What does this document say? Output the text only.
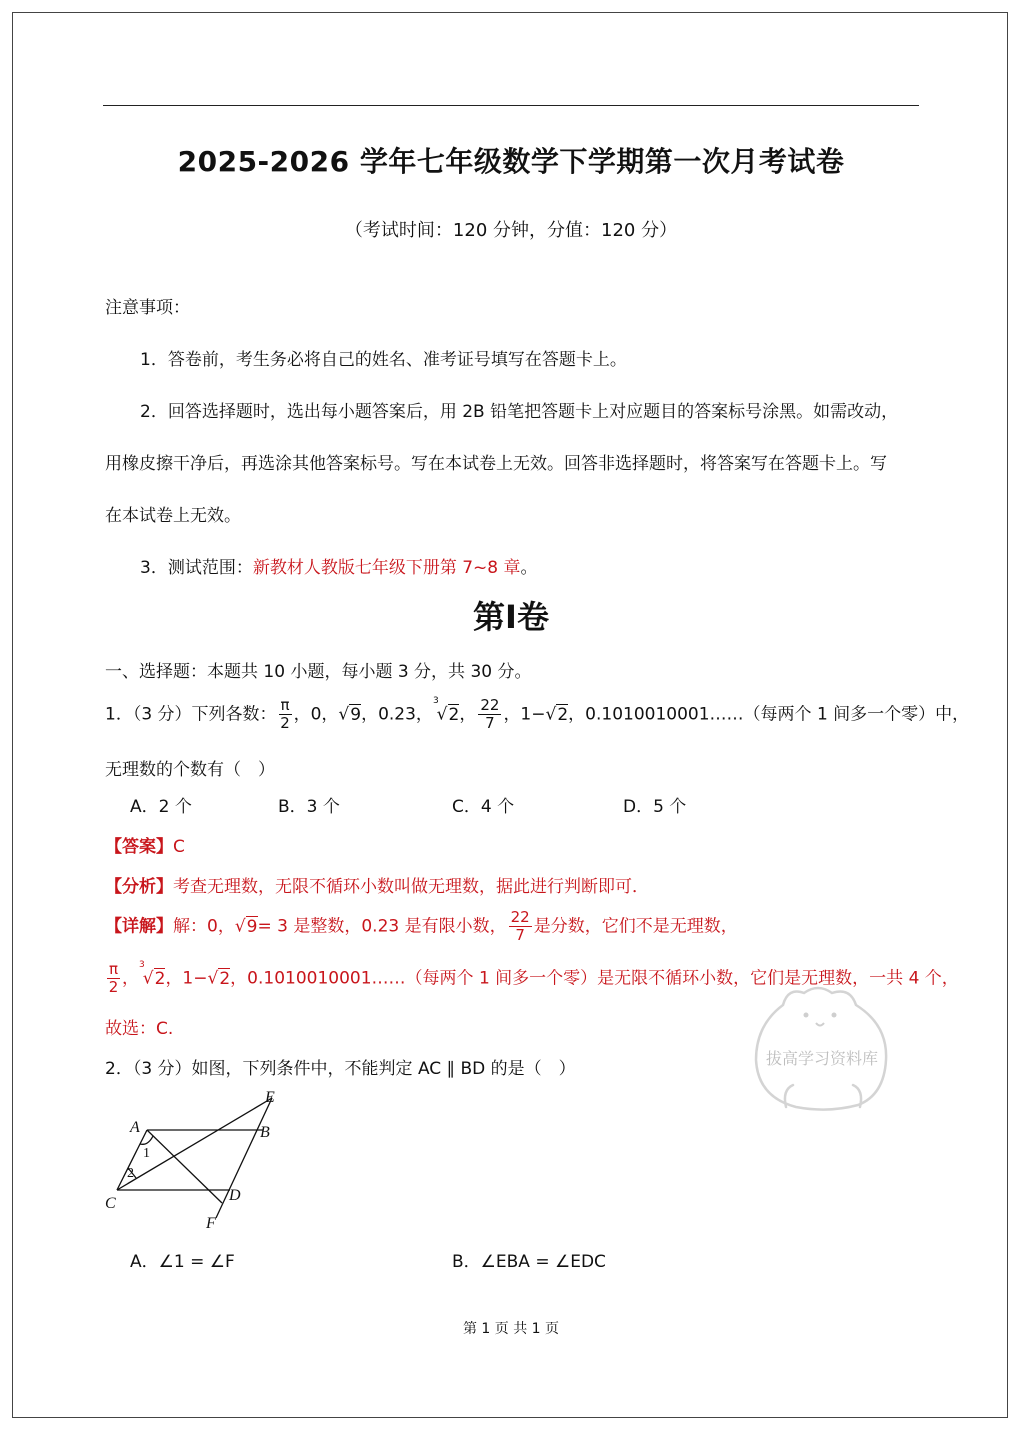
2025-2026 学年七年级数学下学期第一次月考试卷
（考试时间：120 分钟，分值：120 分）
注意事项：
1．答卷前，考生务必将自己的姓名、准考证号填写在答题卡上。
2．回答选择题时，选出每小题答案后，用 2B 铅笔把答题卡上对应题目的答案标号涂黑。如需改动，
用橡皮擦干净后，再选涂其他答案标号。写在本试卷上无效。回答非选择题时，将答案写在答题卡上。写
在本试卷上无效。
3．测试范围：新教材人教版七年级下册第 7~8 章。
第Ⅰ卷
一、选择题：本题共 10 小题，每小题 3 分，共 30 分。
1．（3 分）下列各数： $\frac{\pi}{2}$ ，0，√9，0.23，$^3$√2， $\frac{22}{7}$ ，1−√2，0.1010010001……（每两个 1 间多一个零）中，
无理数的个数有（　）
A．2 个	B．3 个	C．4 个	D．5 个
【答案】C
【分析】考查无理数，无限不循环小数叫做无理数，据此进行判断即可．
【详解】解：0，√9= 3 是整数，0.23 是有限小数， $\frac{22}{7}$ 是分数，它们不是无理数，
$\frac{\pi}{2}$ ，$^3$√2，1−√2，0.1010010001……（每两个 1 间多一个零）是无限不循环小数，它们是无理数，一共 4 个，
故选：C.
拔高学习资料库
2．（3 分）如图，下列条件中，不能判定 AC ∥ BD 的是（　）
A	B
C	D
E
F
1
2
A．∠1 = ∠F	B．∠EBA = ∠EDC
第 1 页 共 1 页
